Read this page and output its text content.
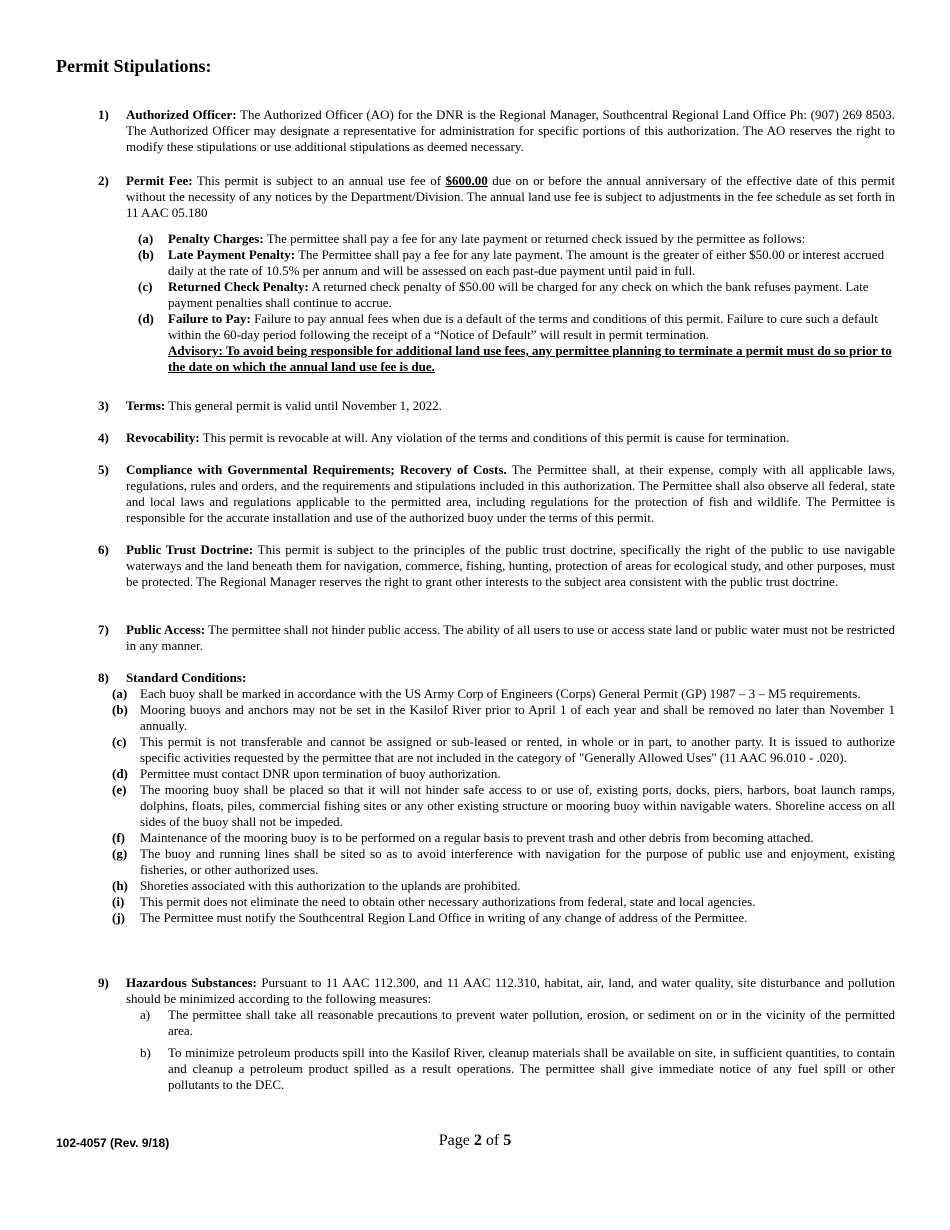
Permit Stipulations:
1) Authorized Officer: The Authorized Officer (AO) for the DNR is the Regional Manager, Southcentral Regional Land Office Ph: (907) 269 8503. The Authorized Officer may designate a representative for administration for specific portions of this authorization. The AO reserves the right to modify these stipulations or use additional stipulations as deemed necessary.
2) Permit Fee: This permit is subject to an annual use fee of $600.00 due on or before the annual anniversary of the effective date of this permit without the necessity of any notices by the Department/Division. The annual land use fee is subject to adjustments in the fee schedule as set forth in 11 AAC 05.180
(a) Penalty Charges: The permittee shall pay a fee for any late payment or returned check issued by the permittee as follows:
(b) Late Payment Penalty: The Permittee shall pay a fee for any late payment. The amount is the greater of either $50.00 or interest accrued daily at the rate of 10.5% per annum and will be assessed on each past-due payment until paid in full.
(c) Returned Check Penalty: A returned check penalty of $50.00 will be charged for any check on which the bank refuses payment. Late payment penalties shall continue to accrue.
(d) Failure to Pay: Failure to pay annual fees when due is a default of the terms and conditions of this permit. Failure to cure such a default within the 60-day period following the receipt of a “Notice of Default” will result in permit termination.
Advisory: To avoid being responsible for additional land use fees, any permittee planning to terminate a permit must do so prior to the date on which the annual land use fee is due.
3) Terms: This general permit is valid until November 1, 2022.
4) Revocability: This permit is revocable at will. Any violation of the terms and conditions of this permit is cause for termination.
5) Compliance with Governmental Requirements; Recovery of Costs. The Permittee shall, at their expense, comply with all applicable laws, regulations, rules and orders, and the requirements and stipulations included in this authorization. The Permittee shall also observe all federal, state and local laws and regulations applicable to the permitted area, including regulations for the protection of fish and wildlife. The Permittee is responsible for the accurate installation and use of the authorized buoy under the terms of this permit.
6) Public Trust Doctrine: This permit is subject to the principles of the public trust doctrine, specifically the right of the public to use navigable waterways and the land beneath them for navigation, commerce, fishing, hunting, protection of areas for ecological study, and other purposes, must be protected. The Regional Manager reserves the right to grant other interests to the subject area consistent with the public trust doctrine.
7) Public Access: The permittee shall not hinder public access. The ability of all users to use or access state land or public water must not be restricted in any manner.
8) Standard Conditions:
(a) Each buoy shall be marked in accordance with the US Army Corp of Engineers (Corps) General Permit (GP) 1987 – 3 – M5 requirements.
(b) Mooring buoys and anchors may not be set in the Kasilof River prior to April 1 of each year and shall be removed no later than November 1 annually.
(c) This permit is not transferable and cannot be assigned or sub-leased or rented, in whole or in part, to another party. It is issued to authorize specific activities requested by the permittee that are not included in the category of "Generally Allowed Uses" (11 AAC 96.010 - .020).
(d) Permittee must contact DNR upon termination of buoy authorization.
(e) The mooring buoy shall be placed so that it will not hinder safe access to or use of, existing ports, docks, piers, harbors, boat launch ramps, dolphins, floats, piles, commercial fishing sites or any other existing structure or mooring buoy within navigable waters. Shoreline access on all sides of the buoy shall not be impeded.
(f) Maintenance of the mooring buoy is to be performed on a regular basis to prevent trash and other debris from becoming attached.
(g) The buoy and running lines shall be sited so as to avoid interference with navigation for the purpose of public use and enjoyment, existing fisheries, or other authorized uses.
(h) Shoreties associated with this authorization to the uplands are prohibited.
(i) This permit does not eliminate the need to obtain other necessary authorizations from federal, state and local agencies.
(j) The Permittee must notify the Southcentral Region Land Office in writing of any change of address of the Permittee.
9) Hazardous Substances: Pursuant to 11 AAC 112.300, and 11 AAC 112.310, habitat, air, land, and water quality, site disturbance and pollution should be minimized according to the following measures:
a) The permittee shall take all reasonable precautions to prevent water pollution, erosion, or sediment on or in the vicinity of the permitted area.
b) To minimize petroleum products spill into the Kasilof River, cleanup materials shall be available on site, in sufficient quantities, to contain and cleanup a petroleum product spilled as a result operations. The permittee shall give immediate notice of any fuel spill or other pollutants to the DEC.
102-4057 (Rev. 9/18)	Page 2 of 5
